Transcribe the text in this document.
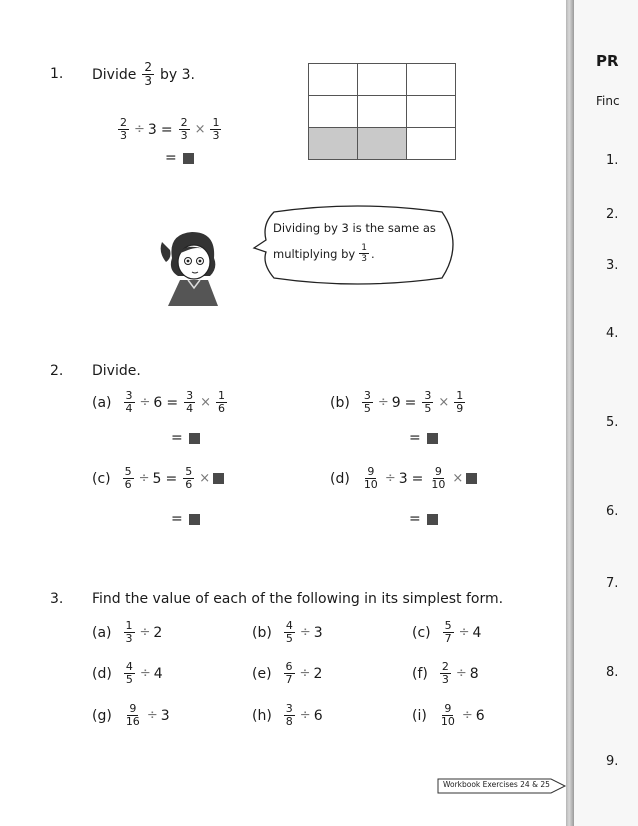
1. Divide $\frac{2}{3}$ by 3.
$\frac{2}{3} \div 3 = \frac{2}{3} \times \frac{1}{3}$
=

Dividing by 3 is the same as
multiplying by $\frac{1}{3}$ .
2. Divide.
$(a) \frac{3}{4} \div 6 = \frac{3}{4} \times \frac{1}{6}$
=
$(b) \frac{3}{5} \div 9 = \frac{3}{5} \times \frac{1}{9}$
=
$(c) \frac{5}{6} \div 5 = \frac{5}{6}$ ×
=
$(d) \frac{9}{10} \div 3 = \frac{9}{10}$ ×
=
3. Find the value of each of the following in its simplest form.
$(a) \frac{1}{3} \div 2$	$(b) \frac{4}{5} \div 3$	$(c) \frac{5}{7} \div 4$
$(d) \frac{4}{5} \div 4$	$(e) \frac{6}{7} \div 2$	$(f) \frac{2}{3} \div 8$
$(g) \frac{9}{16} \div 3$	$(h) \frac{3}{8} \div 6$	$(i) \frac{9}{10} \div 6$
Workbook Exercises 24 & 25
PR
Finc
1.
2.
3.
4.
5.
6.
7.
8.
9.
